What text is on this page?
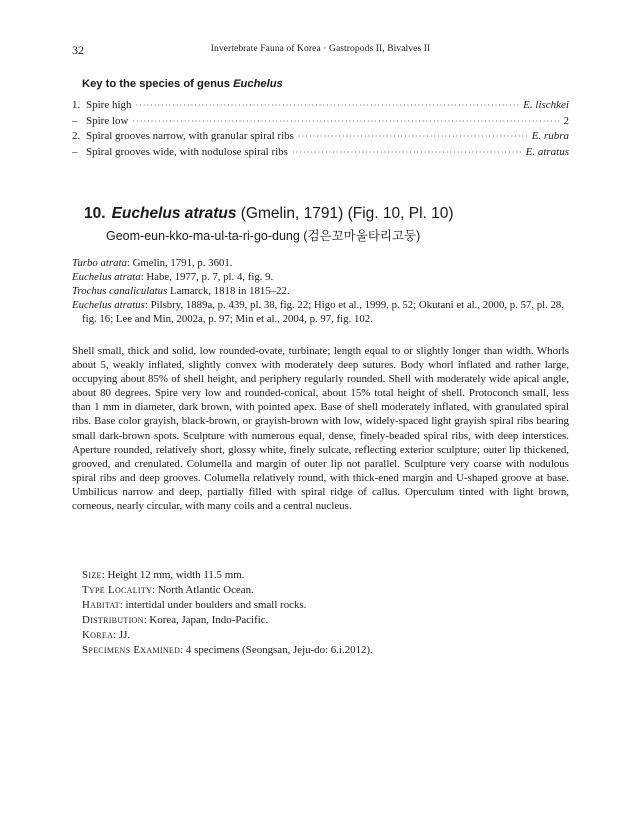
32	Invertebrate Fauna of Korea · Gastropods II, Bivalves II
Key to the species of genus Euchelus
1. Spire high ·····	E. lischkei
– Spire low ·····	2
2. Spiral grooves narrow, with granular spiral ribs ·····	E. rubra
– Spiral grooves wide, with nodulose spiral ribs ·····	E. atratus
10. Euchelus atratus (Gmelin, 1791) (Fig. 10, Pl. 10)
Geom-eun-kko-ma-ul-ta-ri-go-dung (검은꼬마울타리고둥)

Turbo atrata: Gmelin, 1791, p. 3601.

Euchelus atrata: Habe, 1977, p. 7, pl. 4, fig. 9.

Trochus canaliculatus Lamarck, 1818 in 1815–22.

Euchelus atratus: Pilsbry, 1889a, p. 439, pl. 38, fig. 22; Higo et al., 1999, p. 52; Okutani et al., 2000, p. 57, pl. 28, fig. 16; Lee and Min, 2002a, p. 97; Min et al., 2004, p. 97, fig. 102.

Shell small, thick and solid, low rounded-ovate, turbinate; length equal to or slightly longer than width. Whorls about 5, weakly inflated, slightly convex with moderately deep sutures. Body whorl inflated and rather large, occupying about 85% of shell height, and periphery regularly rounded. Shell with moderately wide apical angle, about 80 degrees. Spire very low and rounded-conical, about 15% total height of shell. Protoconch small, less than 1 mm in diameter, dark brown, with pointed apex. Base of shell moderately inflated, with granulated spiral ribs. Base color grayish, black-brown, or grayish-brown with low, widely-spaced light grayish spiral ribs bearing small dark-brown spots. Sculpture with numerous equal, dense, finely-beaded spiral ribs, with deep interstices. Aperture rounded, relatively short, glossy white, finely sulcate, reflecting exterior sculpture; outer lip thickened, grooved, and crenulated. Columella and margin of outer lip not parallel. Sculpture very coarse with nodulous spiral ribs and deep grooves. Columella relatively round, with thick-ened margin and U-shaped groove at base. Umbilicus narrow and deep, partially filled with spiral ridge of callus. Operculum tinted with light brown, corneous, nearly circular, with many coils and a central nucleus.
Size: Height 12 mm, width 11.5 mm.
Type Locality: North Atlantic Ocean.
Habitat: intertidal under boulders and small rocks.
Distribution: Korea, Japan, Indo-Pacific.
Korea: JJ.
Specimens Examined: 4 specimens (Seongsan, Jeju-do: 6.i.2012).
